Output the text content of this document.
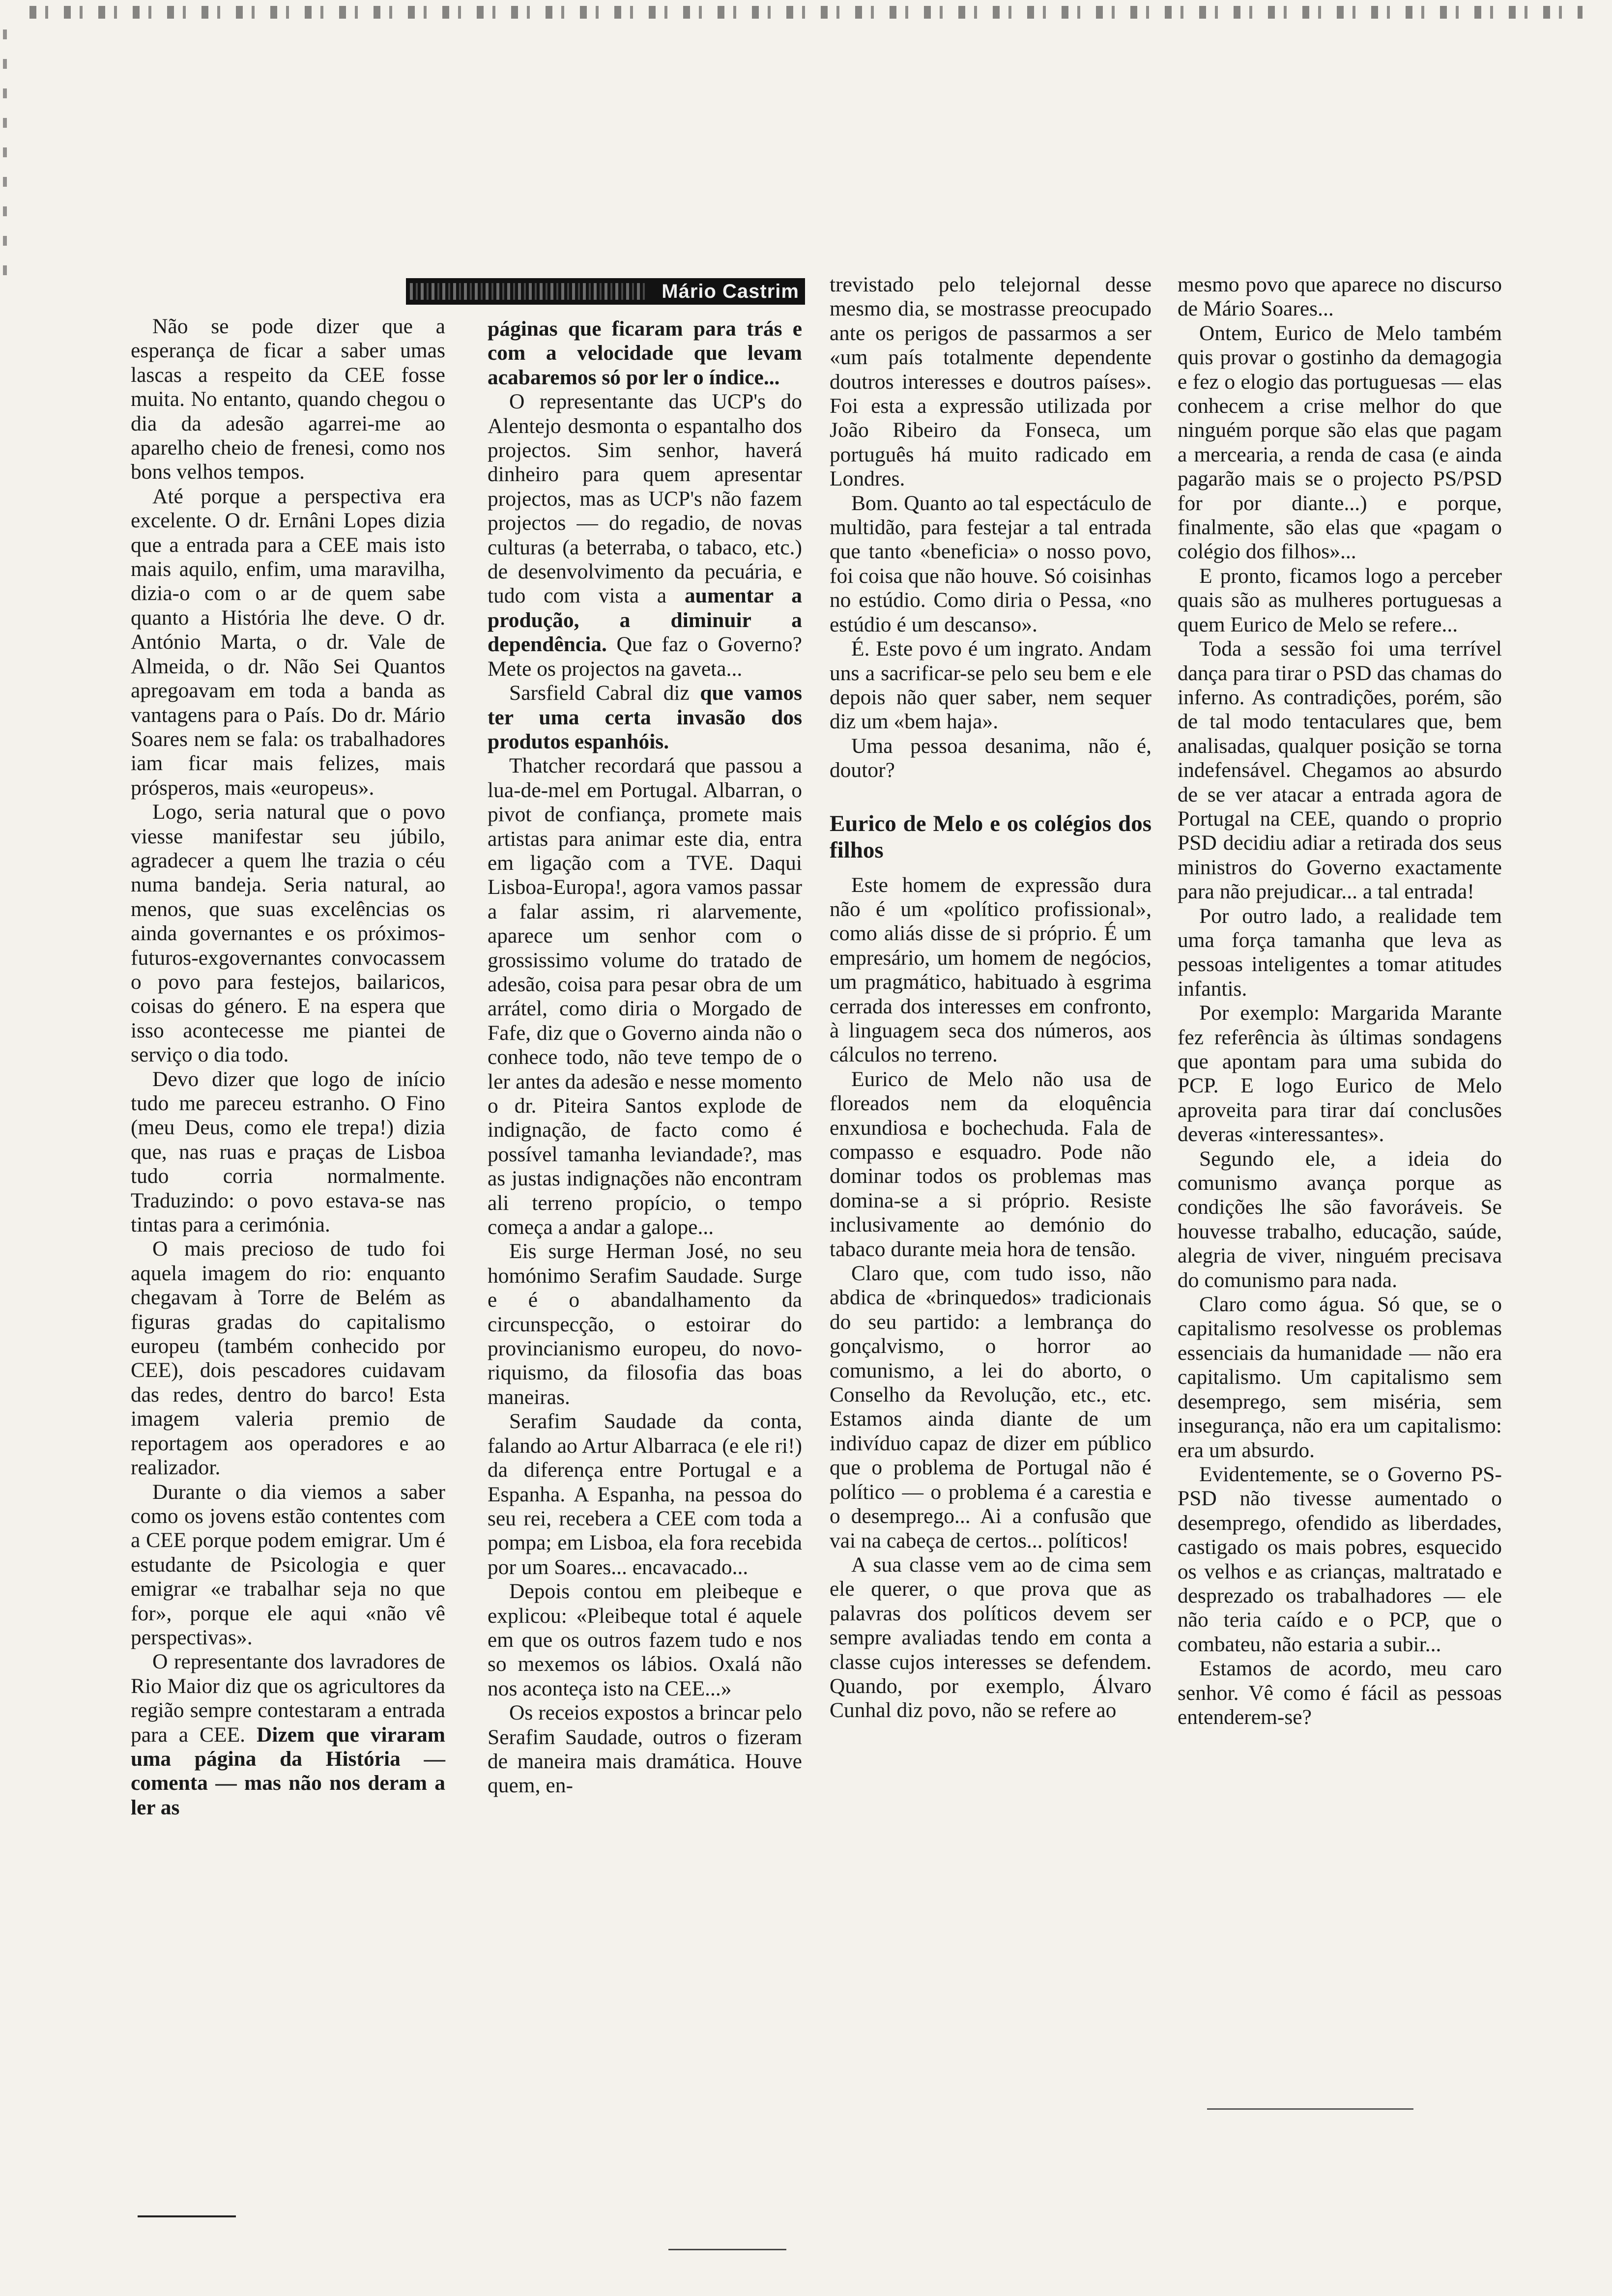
Mário Castrim

Não se pode dizer que a esperança de ficar a saber umas lascas a respeito da CEE fosse muita. No entanto, quando chegou o dia da adesão agarrei-me ao aparelho cheio de frenesi, como nos bons velhos tempos.

Até porque a perspectiva era excelente. O dr. Ernâni Lopes dizia que a entrada para a CEE mais isto mais aquilo, enfim, uma maravilha, dizia-o com o ar de quem sabe quanto a História lhe deve. O dr. António Marta, o dr. Vale de Almeida, o dr. Não Sei Quantos apregoavam em toda a banda as vantagens para o País. Do dr. Mário Soares nem se fala: os trabalhadores iam ficar mais felizes, mais prósperos, mais «europeus».

Logo, seria natural que o povo viesse manifestar seu júbilo, agradecer a quem lhe trazia o céu numa bandeja. Seria natural, ao menos, que suas excelências os ainda governantes e os próximos-futuros-exgovernantes convocassem o povo para festejos, bailaricos, coisas do género. E na espera que isso acontecesse me piantei de serviço o dia todo.

Devo dizer que logo de início tudo me pareceu estranho. O Fino (meu Deus, como ele trepa!) dizia que, nas ruas e praças de Lisboa tudo corria normalmente. Traduzindo: o povo estava-se nas tintas para a cerimónia.

O mais precioso de tudo foi aquela imagem do rio: enquanto chegavam à Torre de Belém as figuras gradas do capitalismo europeu (também conhecido por CEE), dois pescadores cuidavam das redes, dentro do barco! Esta imagem valeria premio de reportagem aos operadores e ao realizador.

Durante o dia viemos a saber como os jovens estão contentes com a CEE porque podem emigrar. Um é estudante de Psicologia e quer emigrar «e trabalhar seja no que for», porque ele aqui «não vê perspectivas».

O representante dos lavradores de Rio Maior diz que os agricultores da região sempre contestaram a entrada para a CEE. Dizem que viraram uma página da História — comenta — mas não nos deram a ler as

páginas que ficaram para trás e com a velocidade que levam acabaremos só por ler o índice...

O representante das UCP's do Alentejo desmonta o espantalho dos projectos. Sim senhor, haverá dinheiro para quem apresentar projectos, mas as UCP's não fazem projectos — do regadio, de novas culturas (a beterraba, o tabaco, etc.) de desenvolvimento da pecuária, e tudo com vista a aumentar a produção, a diminuir a dependência. Que faz o Governo? Mete os projectos na gaveta...

Sarsfield Cabral diz que vamos ter uma certa invasão dos produtos espanhóis.

Thatcher recordará que passou a lua-de-mel em Portugal. Albarran, o pivot de confiança, promete mais artistas para animar este dia, entra em ligação com a TVE. Daqui Lisboa-Europa!, agora vamos passar a falar assim, ri alarvemente, aparece um senhor com o grossissimo volume do tratado de adesão, coisa para pesar obra de um arrátel, como diria o Morgado de Fafe, diz que o Governo ainda não o conhece todo, não teve tempo de o ler antes da adesão e nesse momento o dr. Piteira Santos explode de indignação, de facto como é possível tamanha leviandade?, mas as justas indignações não encontram ali terreno propício, o tempo começa a andar a galope...

Eis surge Herman José, no seu homónimo Serafim Saudade. Surge e é o abandalhamento da circunspecção, o estoirar do provincianismo europeu, do novo-riquismo, da filosofia das boas maneiras.

Serafim Saudade da conta, falando ao Artur Albarraca (e ele ri!) da diferença entre Portugal e a Espanha. A Espanha, na pessoa do seu rei, recebera a CEE com toda a pompa; em Lisboa, ela fora recebida por um Soares... encavacado...

Depois contou em pleibeque e explicou: «Pleibeque total é aquele em que os outros fazem tudo e nos so mexemos os lábios. Oxalá não nos aconteça isto na CEE...»

Os receios expostos a brincar pelo Serafim Saudade, outros o fizeram de maneira mais dramática. Houve quem, en-

trevistado pelo telejornal desse mesmo dia, se mostrasse preocupado ante os perigos de passarmos a ser «um país totalmente dependente doutros interesses e doutros países». Foi esta a expressão utilizada por João Ribeiro da Fonseca, um português há muito radicado em Londres.

Bom. Quanto ao tal espectáculo de multidão, para festejar a tal entrada que tanto «beneficia» o nosso povo, foi coisa que não houve. Só coisinhas no estúdio. Como diria o Pessa, «no estúdio é um descanso».

É. Este povo é um ingrato. Andam uns a sacrificar-se pelo seu bem e ele depois não quer saber, nem sequer diz um «bem haja».

Uma pessoa desanima, não é, doutor?

Eurico de Melo e os colégios dos filhos

Este homem de expressão dura não é um «político profissional», como aliás disse de si próprio. É um empresário, um homem de negócios, um pragmático, habituado à esgrima cerrada dos interesses em confronto, à linguagem seca dos números, aos cálculos no terreno.

Eurico de Melo não usa de floreados nem da eloquência enxundiosa e bochechuda. Fala de compasso e esquadro. Pode não dominar todos os problemas mas domina-se a si próprio. Resiste inclusivamente ao demónio do tabaco durante meia hora de tensão.

Claro que, com tudo isso, não abdica de «brinquedos» tradicionais do seu partido: a lembrança do gonçalvismo, o horror ao comunismo, a lei do aborto, o Conselho da Revolução, etc., etc. Estamos ainda diante de um indivíduo capaz de dizer em público que o problema de Portugal não é político — o problema é a carestia e o desemprego... Ai a confusão que vai na cabeça de certos... políticos!

A sua classe vem ao de cima sem ele querer, o que prova que as palavras dos políticos devem ser sempre avaliadas tendo em conta a classe cujos interesses se defendem. Quando, por exemplo, Álvaro Cunhal diz povo, não se refere ao

mesmo povo que aparece no discurso de Mário Soares...

Ontem, Eurico de Melo também quis provar o gostinho da demagogia e fez o elogio das portuguesas — elas conhecem a crise melhor do que ninguém porque são elas que pagam a mercearia, a renda de casa (e ainda pagarão mais se o projecto PS/PSD for por diante...) e porque, finalmente, são elas que «pagam o colégio dos filhos»...

E pronto, ficamos logo a perceber quais são as mulheres portuguesas a quem Eurico de Melo se refere...

Toda a sessão foi uma terrível dança para tirar o PSD das chamas do inferno. As contradições, porém, são de tal modo tentaculares que, bem analisadas, qualquer posição se torna indefensável. Chegamos ao absurdo de se ver atacar a entrada agora de Portugal na CEE, quando o proprio PSD decidiu adiar a retirada dos seus ministros do Governo exactamente para não prejudicar... a tal entrada!

Por outro lado, a realidade tem uma força tamanha que leva as pessoas inteligentes a tomar atitudes infantis.

Por exemplo: Margarida Marante fez referência às últimas sondagens que apontam para uma subida do PCP. E logo Eurico de Melo aproveita para tirar daí conclusões deveras «interessantes».

Segundo ele, a ideia do comunismo avança porque as condições lhe são favoráveis. Se houvesse trabalho, educação, saúde, alegria de viver, ninguém precisava do comunismo para nada.

Claro como água. Só que, se o capitalismo resolvesse os problemas essenciais da humanidade — não era capitalismo. Um capitalismo sem desemprego, sem miséria, sem insegurança, não era um capitalismo: era um absurdo.

Evidentemente, se o Governo PS-PSD não tivesse aumentado o desemprego, ofendido as liberdades, castigado os mais pobres, esquecido os velhos e as crianças, maltratado e desprezado os trabalhadores — ele não teria caído e o PCP, que o combateu, não estaria a subir...

Estamos de acordo, meu caro senhor. Vê como é fácil as pessoas entenderem-se?
